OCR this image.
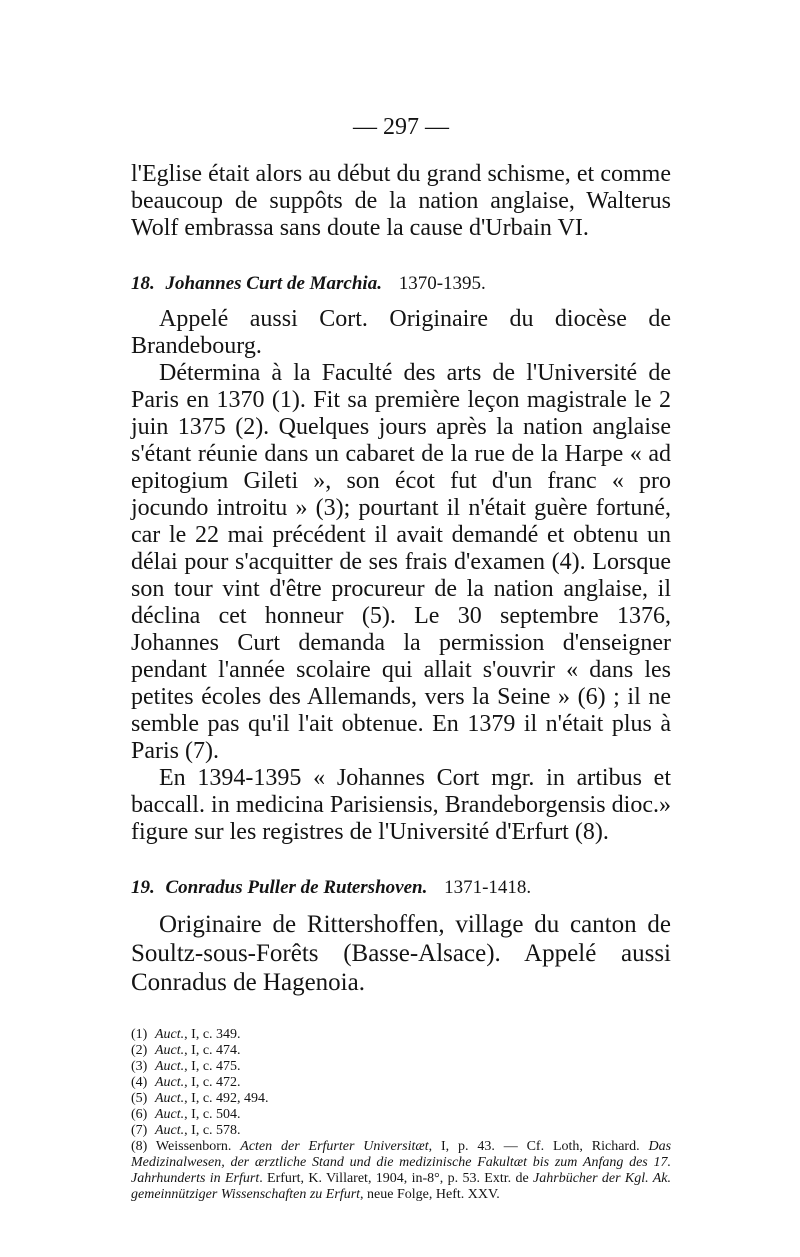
— 297 —

l'Eglise était alors au début du grand schisme, et comme beaucoup de suppôts de la nation anglaise, Walterus Wolf embrassa sans doute la cause d'Urbain VI.

18. Johannes Curt de Marchia. 1370-1395.

Appelé aussi Cort. Originaire du diocèse de Brandebourg.

Détermina à la Faculté des arts de l'Université de Paris en 1370 (1). Fit sa première leçon magistrale le 2 juin 1375 (2). Quelques jours après la nation anglaise s'étant réunie dans un cabaret de la rue de la Harpe « ad epitogium Gileti », son écot fut d'un franc « pro jocundo introitu » (3); pourtant il n'était guère fortuné, car le 22 mai précédent il avait demandé et obtenu un délai pour s'acquitter de ses frais d'examen (4). Lorsque son tour vint d'être procureur de la nation anglaise, il déclina cet honneur (5). Le 30 septembre 1376, Johannes Curt demanda la permission d'enseigner pendant l'année scolaire qui allait s'ouvrir « dans les petites écoles des Allemands, vers la Seine » (6) ; il ne semble pas qu'il l'ait obtenue. En 1379 il n'était plus à Paris (7).

En 1394-1395 « Johannes Cort mgr. in artibus et baccall. in medicina Parisiensis, Brandeborgensis dioc.» figure sur les registres de l'Université d'Erfurt (8).

19. Conradus Puller de Rutershoven. 1371-1418.

Originaire de Rittershoffen, village du canton de Soultz-sous-Forêts (Basse-Alsace). Appelé aussi Conradus de Hagenoia.

(1) Auct., I, c. 349.

(2) Auct., I, c. 474.

(3) Auct., I, c. 475.

(4) Auct., I, c. 472.

(5) Auct., I, c. 492, 494.

(6) Auct., I, c. 504.

(7) Auct., I, c. 578.

(8) Weissenborn. Acten der Erfurter Universitæt, I, p. 43. — Cf. Loth, Richard. Das Medizinalwesen, der ærztliche Stand und die medizinische Fakultæt bis zum Anfang des 17. Jahrhunderts in Erfurt. Erfurt, K. Villaret, 1904, in-8°, p. 53. Extr. de Jahrbücher der Kgl. Ak. gemeinnütziger Wissenschaften zu Erfurt, neue Folge, Heft. XXV.
